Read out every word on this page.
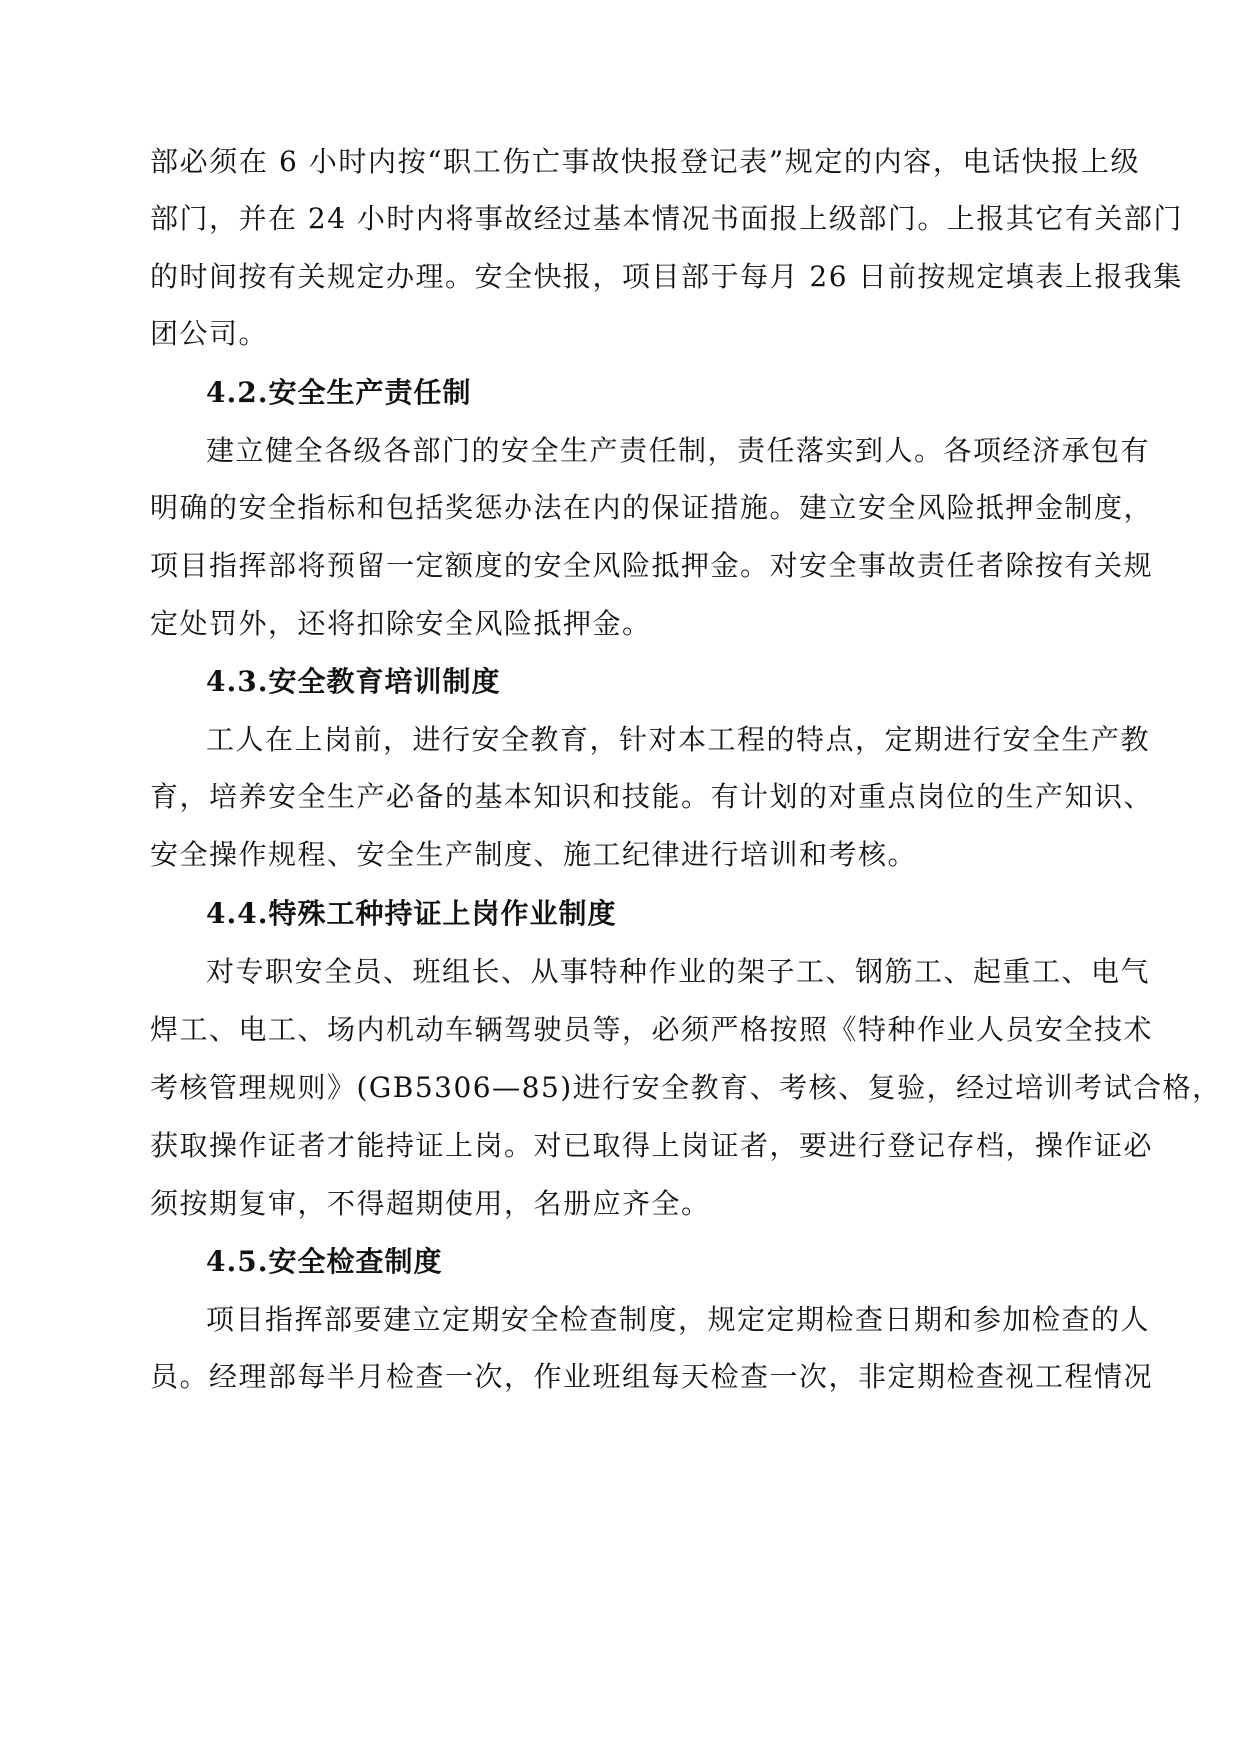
部必须在 6 小时内按“职工伤亡事故快报登记表”规定的内容，电话快报上级
部门，并在 24 小时内将事故经过基本情况书面报上级部门。上报其它有关部门
的时间按有关规定办理。安全快报，项目部于每月 26 日前按规定填表上报我集
团公司。
4.2.安全生产责任制
建立健全各级各部门的安全生产责任制，责任落实到人。各项经济承包有
明确的安全指标和包括奖惩办法在内的保证措施。建立安全风险抵押金制度，
项目指挥部将预留一定额度的安全风险抵押金。对安全事故责任者除按有关规
定处罚外，还将扣除安全风险抵押金。
4.3.安全教育培训制度
工人在上岗前，进行安全教育，针对本工程的特点，定期进行安全生产教
育，培养安全生产必备的基本知识和技能。有计划的对重点岗位的生产知识、
安全操作规程、安全生产制度、施工纪律进行培训和考核。
4.4.特殊工种持证上岗作业制度
对专职安全员、班组长、从事特种作业的架子工、钢筋工、起重工、电气
焊工、电工、场内机动车辆驾驶员等，必须严格按照《特种作业人员安全技术
考核管理规则》(GB5306—85)进行安全教育、考核、复验，经过培训考试合格，
获取操作证者才能持证上岗。对已取得上岗证者，要进行登记存档，操作证必
须按期复审，不得超期使用，名册应齐全。
4.5.安全检查制度
项目指挥部要建立定期安全检查制度，规定定期检查日期和参加检查的人
员。经理部每半月检查一次，作业班组每天检查一次，非定期检查视工程情况
